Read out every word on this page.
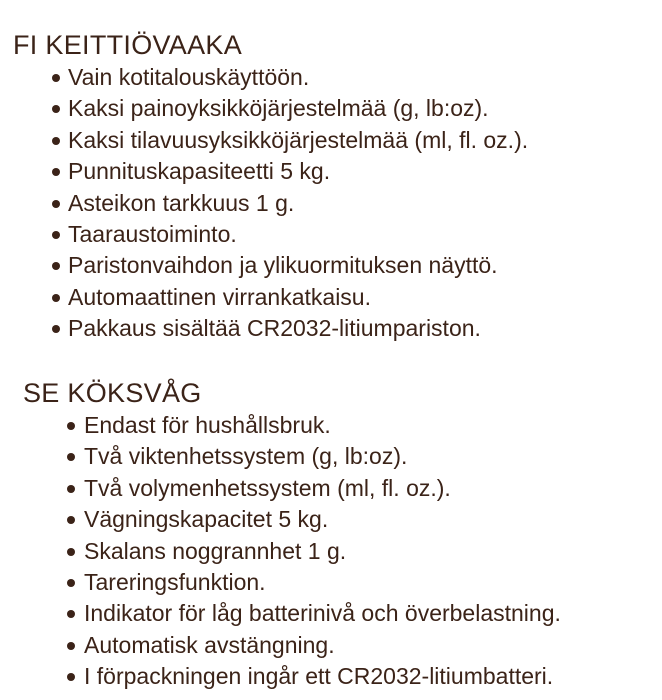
FI KEITTIÖVAAKA
Vain kotitalouskäyttöön.
Kaksi painoyksikköjärjestelmää (g, lb:oz).
Kaksi tilavuusyksikköjärjestelmää (ml, fl. oz.).
Punnituskapasiteetti 5 kg.
Asteikon tarkkuus 1 g.
Taaraustoiminto.
Paristonvaihdon ja ylikuormituksen näyttö.
Automaattinen virrankatkaisu.
Pakkaus sisältää CR2032-litiumpariston.
SE KÖKSVÅG
Endast för hushållsbruk.
Två viktenhetssystem (g, lb:oz).
Två volymenhetssystem (ml, fl. oz.).
Vägningskapacitet 5 kg.
Skalans noggrannhet 1 g.
Tareringsfunktion.
Indikator för låg batterinivå och överbelastning.
Automatisk avstängning.
I förpackningen ingår ett CR2032-litiumbatteri.
